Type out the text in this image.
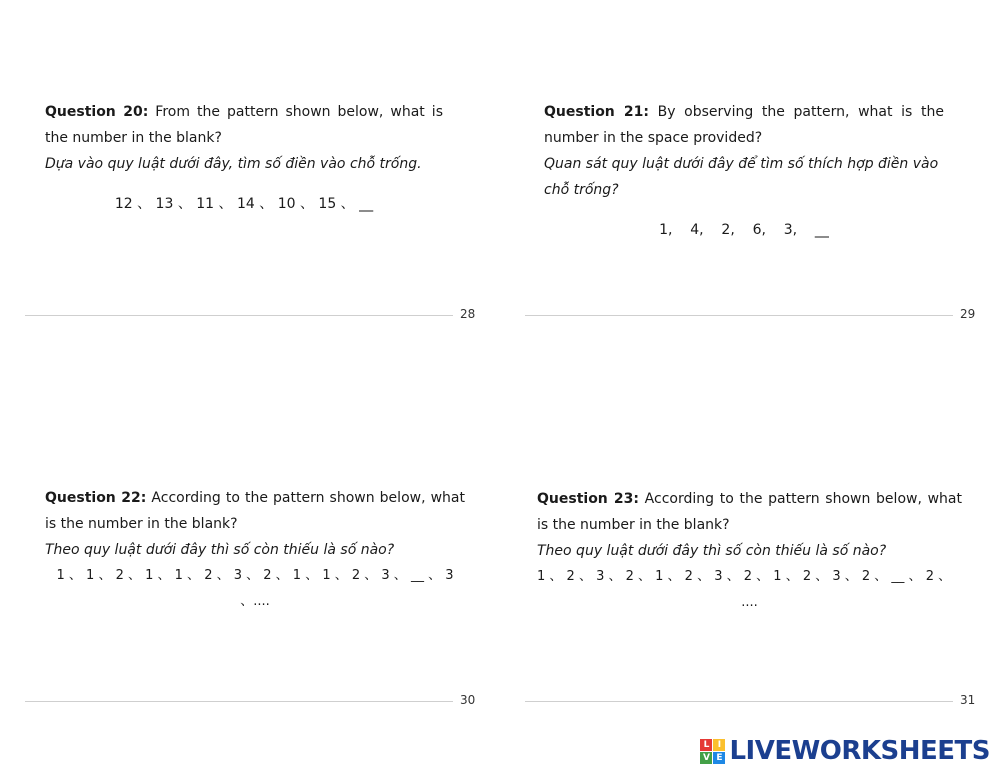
Question 20: From the pattern shown below, what is the number in the blank?

Dựa vào quy luật dưới đây, tìm số điền vào chỗ trống.

12 、 13 、 11 、 14 、 10 、 15 、 __

28

Question 21: By observing the pattern, what is the number in the space provided?

Quan sát quy luật dưới đây để tìm số thích hợp điền vào chỗ trống?

1,    4,    2,    6,    3,    __

29

Question 22: According to the pattern shown below, what is the number in the blank?

Theo quy luật dưới đây thì số còn thiếu là số nào?

1 、 1 、 2 、 1 、 1 、 2 、 3 、 2 、 1 、 1 、 2 、 3 、 __ 、 3

、....

30

Question 23: According to the pattern shown below, what is the number in the blank?

Theo quy luật dưới đây thì số còn thiếu là số nào?

1 、 2 、 3 、 2 、 1 、 2 、 3 、 2 、 1 、 2 、 3 、 2 、 __ 、 2 、

....

31
L I
V E LIVEWORKSHEETS
